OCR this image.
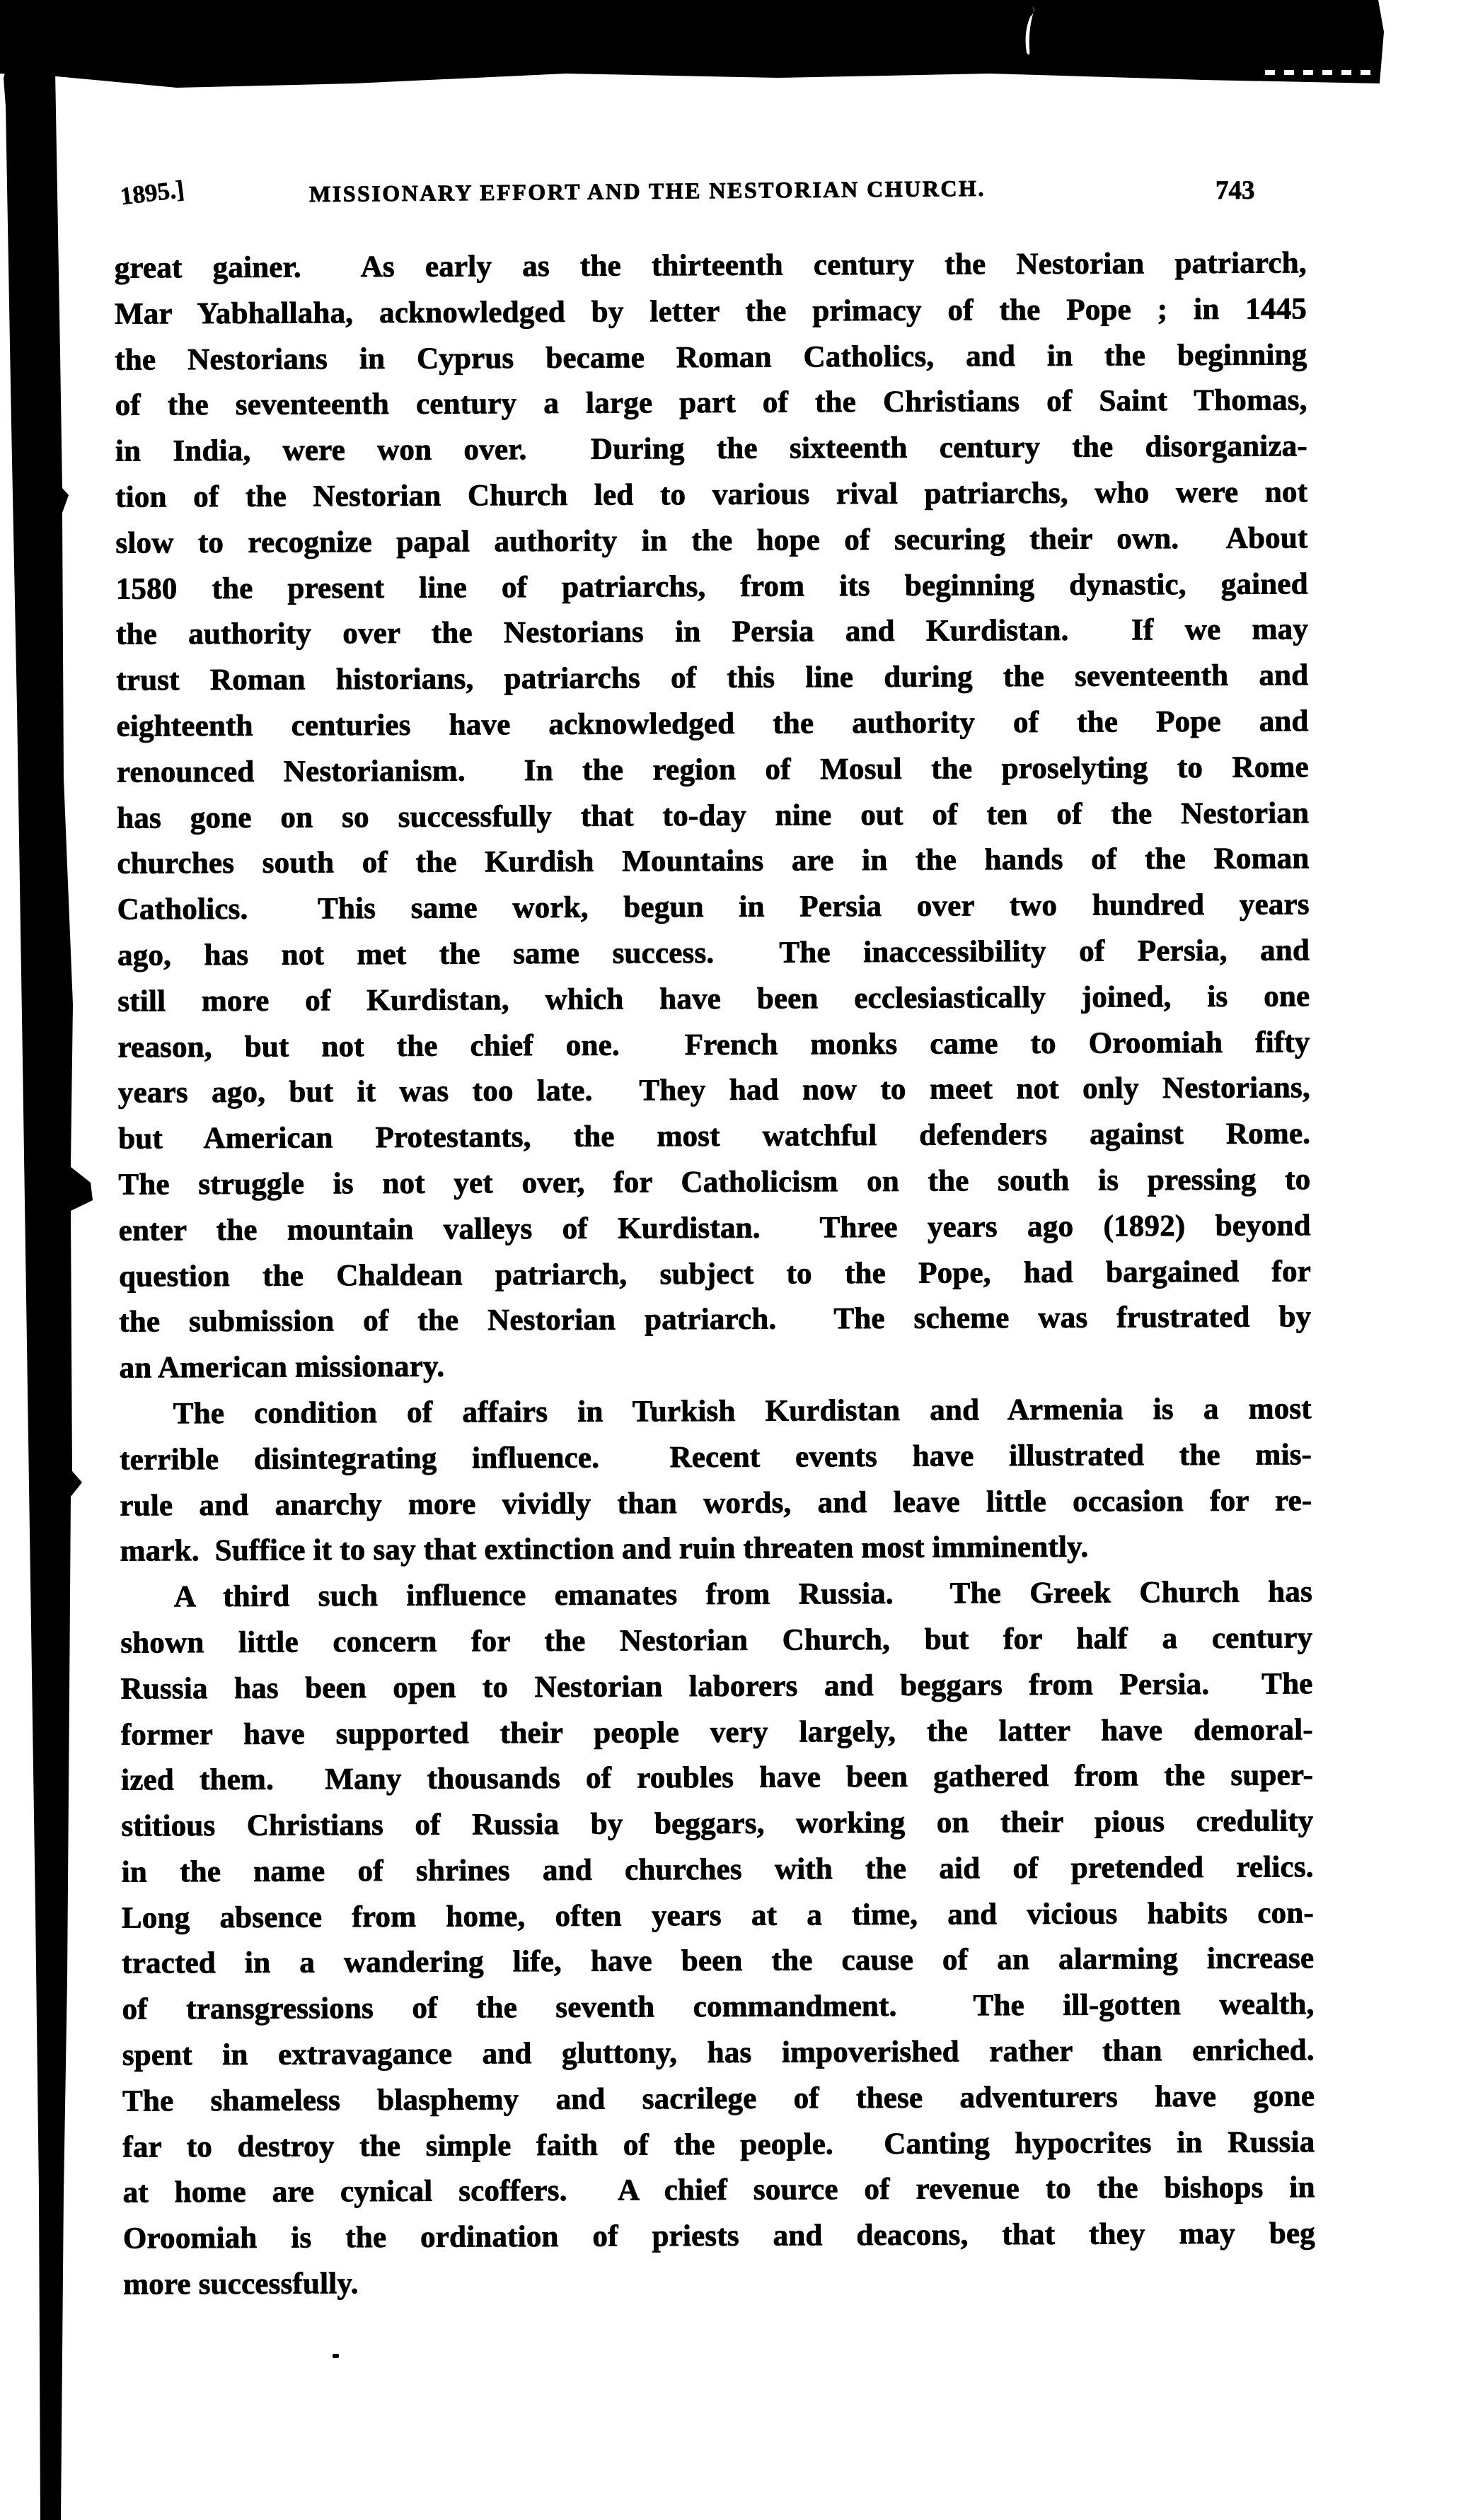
1895.]	MISSIONARY EFFORT AND THE NESTORIAN CHURCH.	743
great gainer.  As early as the thirteenth century the Nestorian patriarch,
Mar Yabhallaha, acknowledged by letter the primacy of the Pope ; in 1445
the Nestorians in Cyprus became Roman Catholics, and in the beginning
of the seventeenth century a large part of the Christians of Saint Thomas,
in India, were won over.  During the sixteenth century the disorganiza-
tion of the Nestorian Church led to various rival patriarchs, who were not
slow to recognize papal authority in the hope of securing their own.  About
1580 the present line of patriarchs, from its beginning dynastic, gained
the authority over the Nestorians in Persia and Kurdistan.  If we may
trust Roman historians, patriarchs of this line during the seventeenth and
eighteenth centuries have acknowledged the authority of the Pope and
renounced Nestorianism.  In the region of Mosul the proselyting to Rome
has gone on so successfully that to-day nine out of ten of the Nestorian
churches south of the Kurdish Mountains are in the hands of the Roman
Catholics.  This same work, begun in Persia over two hundred years
ago, has not met the same success.  The inaccessibility of Persia, and
still more of Kurdistan, which have been ecclesiastically joined, is one
reason, but not the chief one.  French monks came to Oroomiah fifty
years ago, but it was too late.  They had now to meet not only Nestorians,
but American Protestants, the most watchful defenders against Rome.
The struggle is not yet over, for Catholicism on the south is pressing to
enter the mountain valleys of Kurdistan.  Three years ago (1892) beyond
question the Chaldean patriarch, subject to the Pope, had bargained for
the submission of the Nestorian patriarch.  The scheme was frustrated by
an American missionary.
The condition of affairs in Turkish Kurdistan and Armenia is a most
terrible disintegrating influence.  Recent events have illustrated the mis-
rule and anarchy more vividly than words, and leave little occasion for re-
mark.  Suffice it to say that extinction and ruin threaten most imminently.
A third such influence emanates from Russia.  The Greek Church has
shown little concern for the Nestorian Church, but for half a century
Russia has been open to Nestorian laborers and beggars from Persia.  The
former have supported their people very largely, the latter have demoral-
ized them.  Many thousands of roubles have been gathered from the super-
stitious Christians of Russia by beggars, working on their pious credulity
in the name of shrines and churches with the aid of pretended relics.
Long absence from home, often years at a time, and vicious habits con-
tracted in a wandering life, have been the cause of an alarming increase
of transgressions of the seventh commandment.  The ill-gotten wealth,
spent in extravagance and gluttony, has impoverished rather than enriched.
The shameless blasphemy and sacrilege of these adventurers have gone
far to destroy the simple faith of the people.  Canting hypocrites in Russia
at home are cynical scoffers.  A chief source of revenue to the bishops in
Oroomiah is the ordination of priests and deacons, that they may beg
more successfully.
